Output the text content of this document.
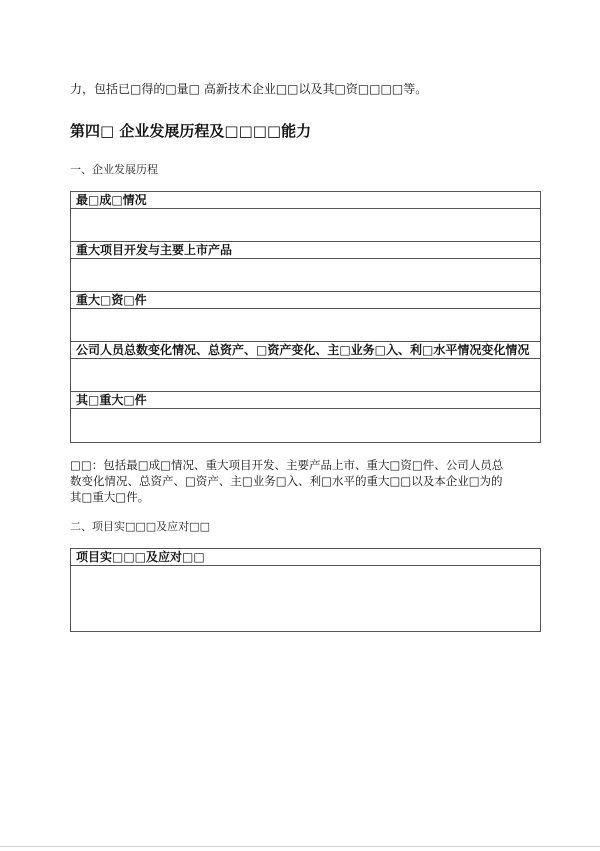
力，包括已□得的□量□ 高新技术企业□□以及其□资□□□□等。
第四□ 企业发展历程及□□□□能力
一、企业发展历程
最□成□情况
重大项目开发与主要上市产品
重大□资□件
公司人员总数变化情况、总资产、□资产变化、主□业务□入、利□水平情况变化情况
其□重大□件
□□：包括最□成□情况、重大项目开发、主要产品上市、重大□资□件、公司人员总
数变化情况、总资产、□资产、主□业务□入、利□水平的重大□□以及本企业□为的
其□重大□件。
二、项目实□□□及应对□□
项目实□□□及应对□□
